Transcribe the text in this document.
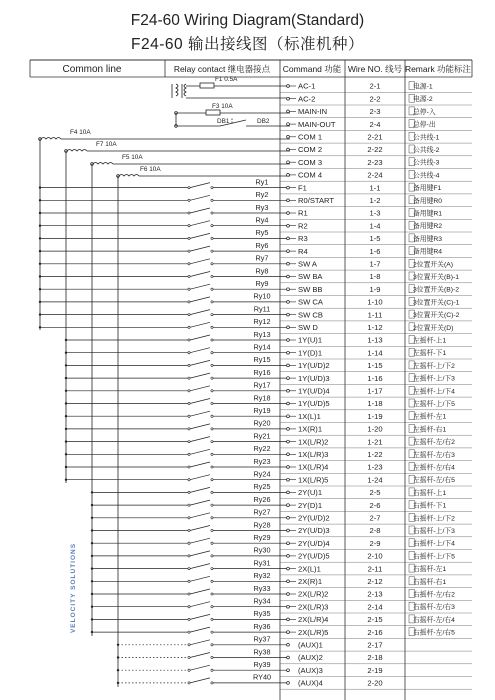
F24-60 Wiring Diagram(Standard)
F24-60 输出接线图（标准机种）
Common line	Relay contact 继电器接点 Command 功能 Wire NO. 线号 Remark 功能标注
F1 0.5A
F3 10A
DB1	DB2
F4 10A
F7 10A
F5 10A
F6 10A
AC-1	2-1	电源-1
AC-2	2-2	电源-2
MAIN-IN	2-3	总停-入
MAIN-OUT	2-4	总停-出
COM 1	2-21	公共线-1
COM 2	2-22	公共线-2
COM 3	2-23	公共线-3
COM 4	2-24	公共线-4
F1	1-1	备用键F1
Ry1
R0/START	1-2	备用键R0
Ry2
R1	1-3	备用键R1
Ry3
R2	1-4	备用键R2
Ry4
R3	1-5	备用键R3
Ry5
R4	1-6	备用键R4
Ry6
SW A	1-7	2位置开关(A)
Ry7
SW BA	1-8	3位置开关(B)-1
Ry8
SW BB	1-9	3位置开关(B)-2
Ry9
SW CA	1-10	3位置开关(C)-1
Ry10
SW CB	1-11	3位置开关(C)-2
Ry11
SW D	1-12	2位置开关(D)
Ry12
1Y(U)1	1-13	左摇杆-上1
Ry13
1Y(D)1	1-14	左摇杆-下1
Ry14
1Y(U/D)2	1-15	左摇杆-上/下2
Ry15
1Y(U/D)3	1-16	左摇杆-上/下3
Ry16
1Y(U/D)4	1-17	左摇杆-上/下4
Ry17
1Y(U/D)5	1-18	左摇杆-上/下5
Ry18
1X(L)1	1-19	左摇杆-左1
Ry19
1X(R)1	1-20	左摇杆-右1
Ry20
1X(L/R)2	1-21	左摇杆-左/右2
Ry21
1X(L/R)3	1-22	左摇杆-左/右3
Ry22
1X(L/R)4	1-23	左摇杆-左/右4
Ry23
1X(L/R)5	1-24	左摇杆-左/右5
Ry24
2Y(U)1	2-5	右摇杆-上1
Ry25
2Y(D)1	2-6	右摇杆-下1
Ry26
2Y(U/D)2	2-7	右摇杆-上/下2
Ry27
2Y(U/D)3	2-8	右摇杆-上/下3
Ry28
2Y(U/D)4	2-9	右摇杆-上/下4
Ry29
2Y(U/D)5	2-10	右摇杆-上/下5
Ry30
2X(L)1	2-11	右摇杆-左1
Ry31
2X(R)1	2-12	右摇杆-右1
Ry32
2X(L/R)2	2-13	右摇杆-左/右2
Ry33
2X(L/R)3	2-14	右摇杆-左/右3
Ry34
2X(L/R)4	2-15	右摇杆-左/右4
Ry35
2X(L/R)5	2-16	右摇杆-左/右5
Ry36
(AUX)1	2-17
Ry37
(AUX)2	2-18
Ry38
(AUX)3	2-19
Ry39
(AUX)4	2-20
RY40
VELOCITY SOLUTIONS
